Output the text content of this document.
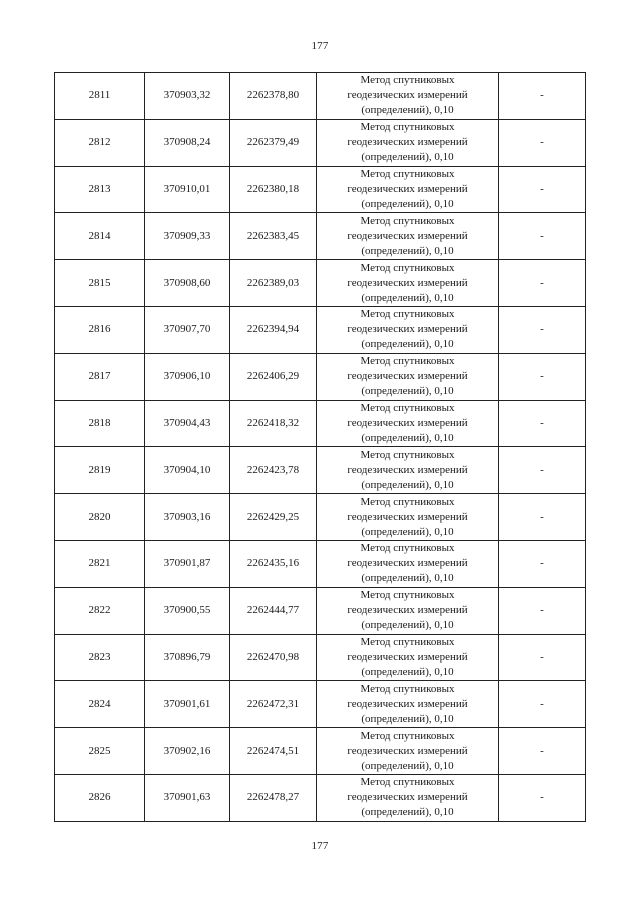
177
2811	370903,32	2262378,80	Метод спутниковых
геодезических измерений
(определений), 0,10	-
2812	370908,24	2262379,49	Метод спутниковых
геодезических измерений
(определений), 0,10	-
2813	370910,01	2262380,18	Метод спутниковых
геодезических измерений
(определений), 0,10	-
2814	370909,33	2262383,45	Метод спутниковых
геодезических измерений
(определений), 0,10	-
2815	370908,60	2262389,03	Метод спутниковых
геодезических измерений
(определений), 0,10	-
2816	370907,70	2262394,94	Метод спутниковых
геодезических измерений
(определений), 0,10	-
2817	370906,10	2262406,29	Метод спутниковых
геодезических измерений
(определений), 0,10	-
2818	370904,43	2262418,32	Метод спутниковых
геодезических измерений
(определений), 0,10	-
2819	370904,10	2262423,78	Метод спутниковых
геодезических измерений
(определений), 0,10	-
2820	370903,16	2262429,25	Метод спутниковых
геодезических измерений
(определений), 0,10	-
2821	370901,87	2262435,16	Метод спутниковых
геодезических измерений
(определений), 0,10	-
2822	370900,55	2262444,77	Метод спутниковых
геодезических измерений
(определений), 0,10	-
2823	370896,79	2262470,98	Метод спутниковых
геодезических измерений
(определений), 0,10	-
2824	370901,61	2262472,31	Метод спутниковых
геодезических измерений
(определений), 0,10	-
2825	370902,16	2262474,51	Метод спутниковых
геодезических измерений
(определений), 0,10	-
2826	370901,63	2262478,27	Метод спутниковых
геодезических измерений
(определений), 0,10	-
177
